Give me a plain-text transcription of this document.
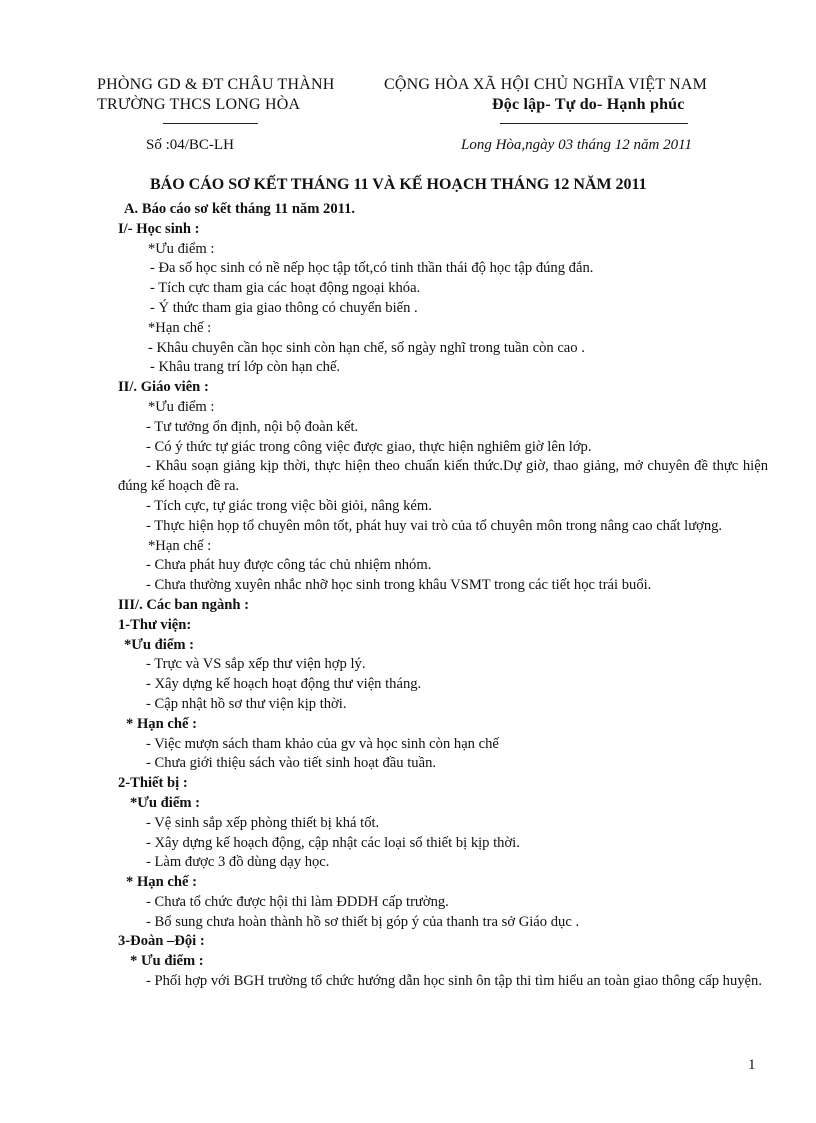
PHÒNG GD & ĐT CHÂU THÀNH
TRƯỜNG THCS LONG HÒA
CỘNG HÒA XÃ HỘI CHỦ NGHĨA VIỆT NAM
Độc lập- Tự do- Hạnh phúc
Số :04/BC-LH	Long Hòa,ngày 03 tháng 12 năm 2011
BÁO CÁO SƠ KẾT THÁNG 11 VÀ KẾ HOẠCH THÁNG 12 NĂM 2011
A. Báo cáo sơ kết tháng 11 năm 2011.
I/- Học sinh :
*Ưu điểm :
- Đa số học sinh có nề nếp học tập tốt,có tinh thần thái độ học tập đúng đắn.
- Tích cực tham gia các hoạt động ngoại khóa.
- Ý thức tham gia giao thông có chuyển biến .
*Hạn chế :
- Khâu chuyên cần học sinh còn hạn chế, số ngày nghĩ trong tuần còn cao .
- Khâu trang trí lớp còn hạn chế.
II/. Giáo viên :
*Ưu điểm :
- Tư tưởng ổn định, nội bộ đoàn kết.
- Có ý thức tự giác trong công việc được giao, thực hiện nghiêm giờ lên lớp.
- Khâu soạn giảng kịp thời, thực hiện theo chuẩn kiến thức.Dự giờ, thao giảng, mở chuyên đề thực hiện đúng kế hoạch đề ra.
- Tích cực, tự giác trong việc bồi giỏi, nâng kém.
- Thực hiện họp tổ chuyên môn tốt, phát huy vai trò của tổ chuyên môn trong nâng cao chất lượng.
*Hạn chế :
- Chưa phát huy được công tác chủ nhiệm nhóm.
- Chưa thường xuyên nhắc nhỡ học sinh trong khâu VSMT trong các tiết học trái buổi.
III/. Các ban ngành :
1-Thư viện:
*Ưu điểm :
- Trực và VS sắp xếp thư viện hợp lý.
- Xây dựng kế hoạch hoạt động thư viện tháng.
- Cập nhật hồ sơ thư viện kịp thời.
* Hạn chế :
- Việc mượn sách tham khảo của gv và học sinh còn hạn chế
- Chưa giới thiệu sách vào tiết sinh hoạt đầu tuần.
2-Thiết bị :
*Ưu điểm :
- Vệ sinh sắp xếp phòng thiết bị khá tốt.
- Xây dựng kế hoạch động, cập nhật các loại sổ thiết bị kịp thời.
- Làm được 3 đồ dùng dạy học.
* Hạn chế :
- Chưa tổ chức được hội thi làm ĐDDH cấp trường.
- Bổ sung chưa hoàn thành hồ sơ thiết bị góp ý của thanh tra sở Giáo dục .
3-Đoàn –Đội :
* Ưu điểm :
- Phối hợp với BGH trường tổ chức hướng dẫn học sinh ôn tập thi tìm hiểu an toàn giao thông cấp huyện.
1
